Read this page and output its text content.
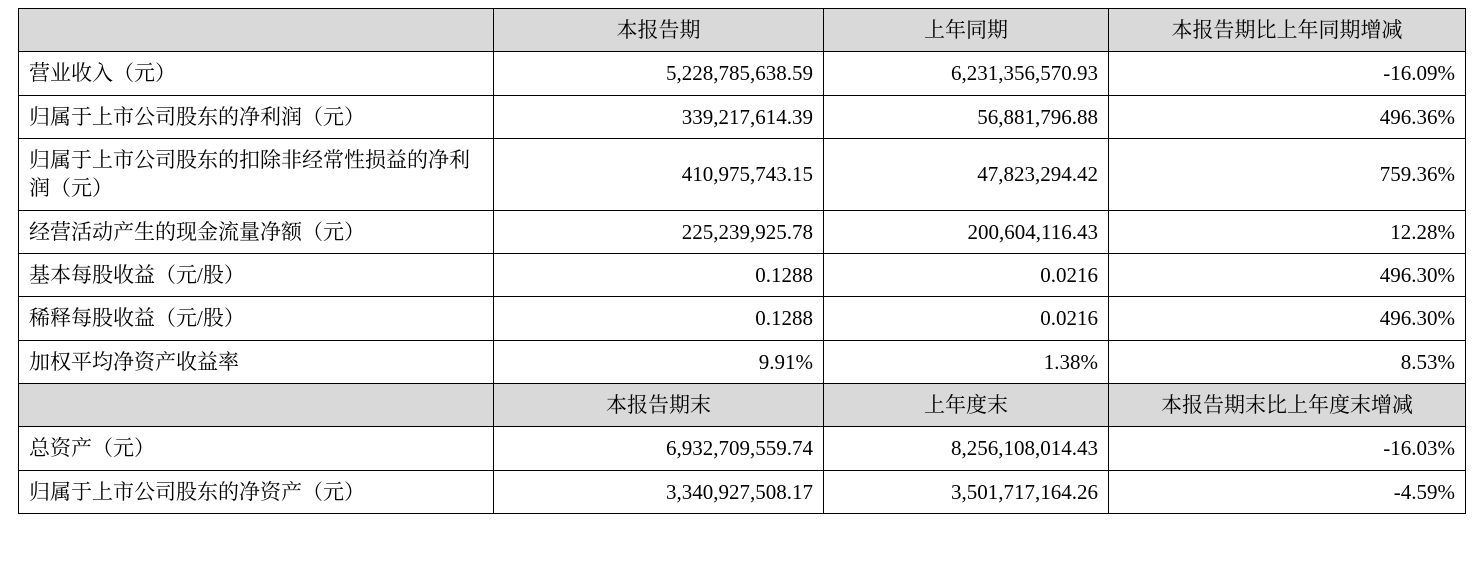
	本报告期	上年同期	本报告期比上年同期增减
营业收入（元）	5,228,785,638.59	6,231,356,570.93	-16.09%
归属于上市公司股东的净利润（元）	339,217,614.39	56,881,796.88	496.36%
归属于上市公司股东的扣除非经常性损益的净利润（元）	410,975,743.15	47,823,294.42	759.36%
经营活动产生的现金流量净额（元）	225,239,925.78	200,604,116.43	12.28%
基本每股收益（元/股）	0.1288	0.0216	496.30%
稀释每股收益（元/股）	0.1288	0.0216	496.30%
加权平均净资产收益率	9.91%	1.38%	8.53%
	本报告期末	上年度末	本报告期末比上年度末增减
总资产（元）	6,932,709,559.74	8,256,108,014.43	-16.03%
归属于上市公司股东的净资产（元）	3,340,927,508.17	3,501,717,164.26	-4.59%
